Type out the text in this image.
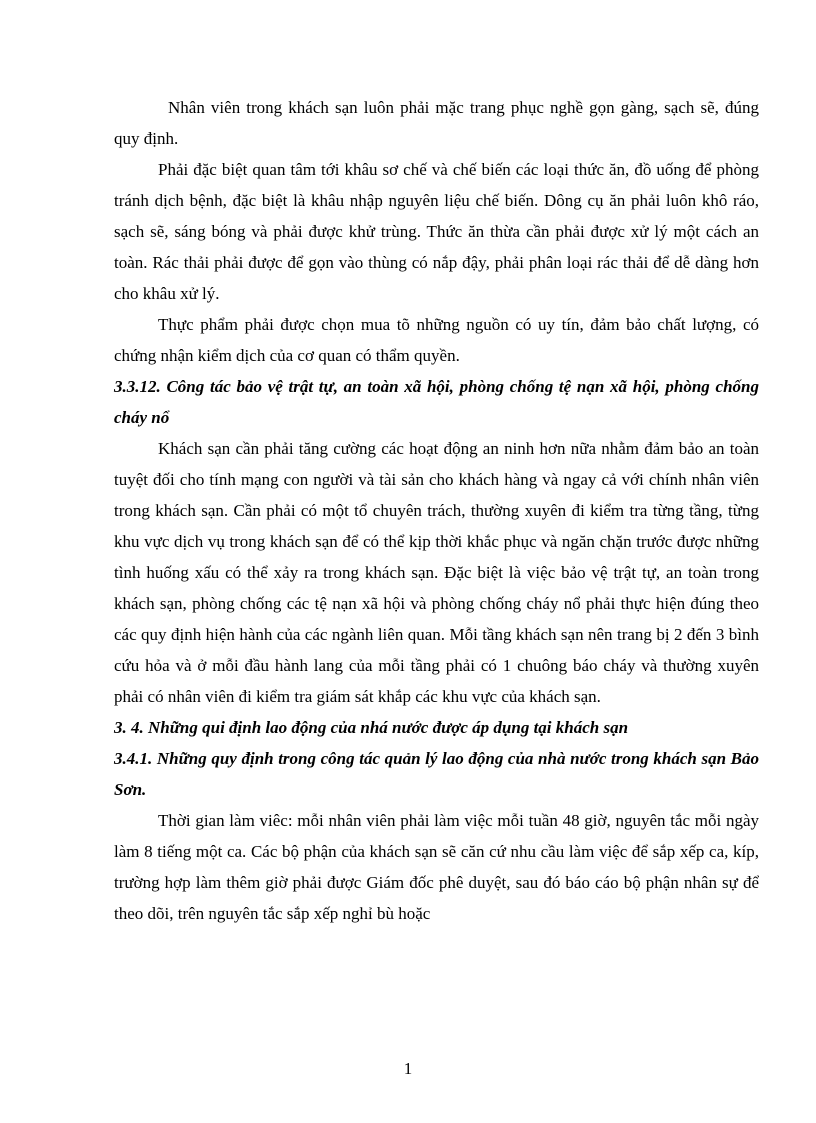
Nhân viên trong khách sạn luôn phải mặc trang phục nghề gọn gàng, sạch sẽ, đúng quy định.

Phải đặc biệt quan tâm tới khâu sơ chế và chế biến các loại thức ăn, đồ uống để phòng tránh dịch bệnh, đặc biệt là khâu nhập nguyên liệu chế biến. Dông cụ ăn phải luôn khô ráo, sạch sẽ, sáng bóng và phải được khử trùng. Thức ăn thừa cần phải được xử lý một cách an toàn. Rác thải phải được để gọn vào thùng có nắp đậy, phải phân loại rác thải để dễ dàng hơn cho khâu xử lý.

Thực phẩm phải được chọn mua tõ những nguồn có uy tín, đảm bảo chất lượng, có chứng nhận kiểm dịch của cơ quan có thẩm quyền.

3.3.12. Công tác bảo vệ trật tự, an toàn xã hội, phòng chống tệ nạn xã hội, phòng chống cháy nổ

Khách sạn cần phải tăng cường các hoạt động an ninh hơn nữa nhằm đảm bảo an toàn tuyệt đối cho tính mạng con người và tài sản cho khách hàng và ngay cả với chính nhân viên trong khách sạn. Cần phải có một tổ chuyên trách, thường xuyên đi kiểm tra từng tầng, từng khu vực dịch vụ trong khách sạn để có thể kịp thời khắc phục và ngăn chặn trước được những tình huống xấu có thể xảy ra trong khách sạn. Đặc biệt là việc bảo vệ trật tự, an toàn trong khách sạn, phòng chống các tệ nạn xã hội và phòng chống cháy nổ phải thực hiện đúng theo các quy định hiện hành của các ngành liên quan. Mỗi tầng khách sạn nên trang bị 2 đến 3 bình cứu hỏa và ở mỗi đầu hành lang của mỗi tầng phải có 1 chuông báo cháy và thường xuyên phải có nhân viên đi kiểm tra giám sát khắp các khu vực của khách sạn.

3. 4. Những qui định lao động của nhá nước được áp dụng tại khách sạn

3.4.1. Những quy định trong công tác quản lý lao động của nhà nước trong khách sạn Bảo Sơn.

Thời gian làm viêc: mỗi nhân viên phải làm việc mỗi tuần 48 giờ, nguyên tắc mỗi ngày làm 8 tiếng một ca. Các bộ phận của khách sạn sẽ căn cứ nhu cầu làm việc để sắp xếp ca, kíp, trường hợp làm thêm giờ phải được Giám đốc phê duyệt, sau đó báo cáo bộ phận nhân sự để theo dõi, trên nguyên tắc sắp xếp nghỉ bù hoặc

1
